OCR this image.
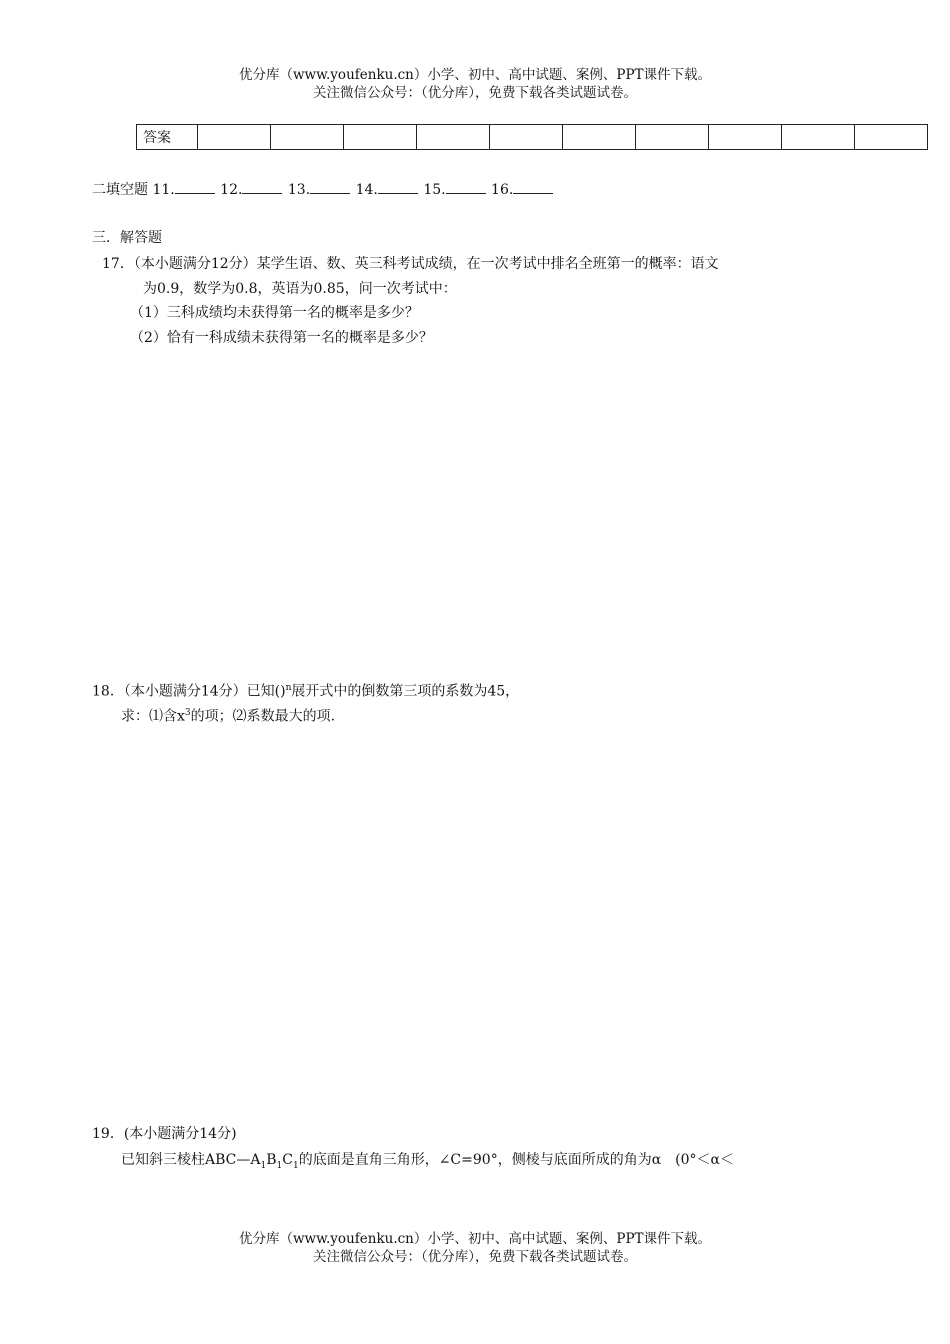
优分库（www.youfenku.cn）小学、初中、高中试题、案例、PPT课件下载。
关注微信公众号：（优分库），免费下载各类试题试卷。
答案										
二填空题 11.	12.	13.	14.	15.	16.
三．解答题
17．（本小题满分12分）某学生语、数、英三科考试成绩，在一次考试中排名全班第一的概率：语文
为0.9，数学为0.8，英语为0.85，问一次考试中：
（1）三科成绩均未获得第一名的概率是多少？
（2）恰有一科成绩未获得第一名的概率是多少？
18．（本小题满分14分）已知()$^n$展开式中的倒数第三项的系数为45，
求：⑴含$x^3$的项；⑵系数最大的项.
19．(本小题满分14分)
已知斜三棱柱$ABC—A_1B_1C_1$的底面是直角三角形，∠C=90°，侧棱与底面所成的角为α　(0°＜α＜
优分库（www.youfenku.cn）小学、初中、高中试题、案例、PPT课件下载。
关注微信公众号：（优分库），免费下载各类试题试卷。
